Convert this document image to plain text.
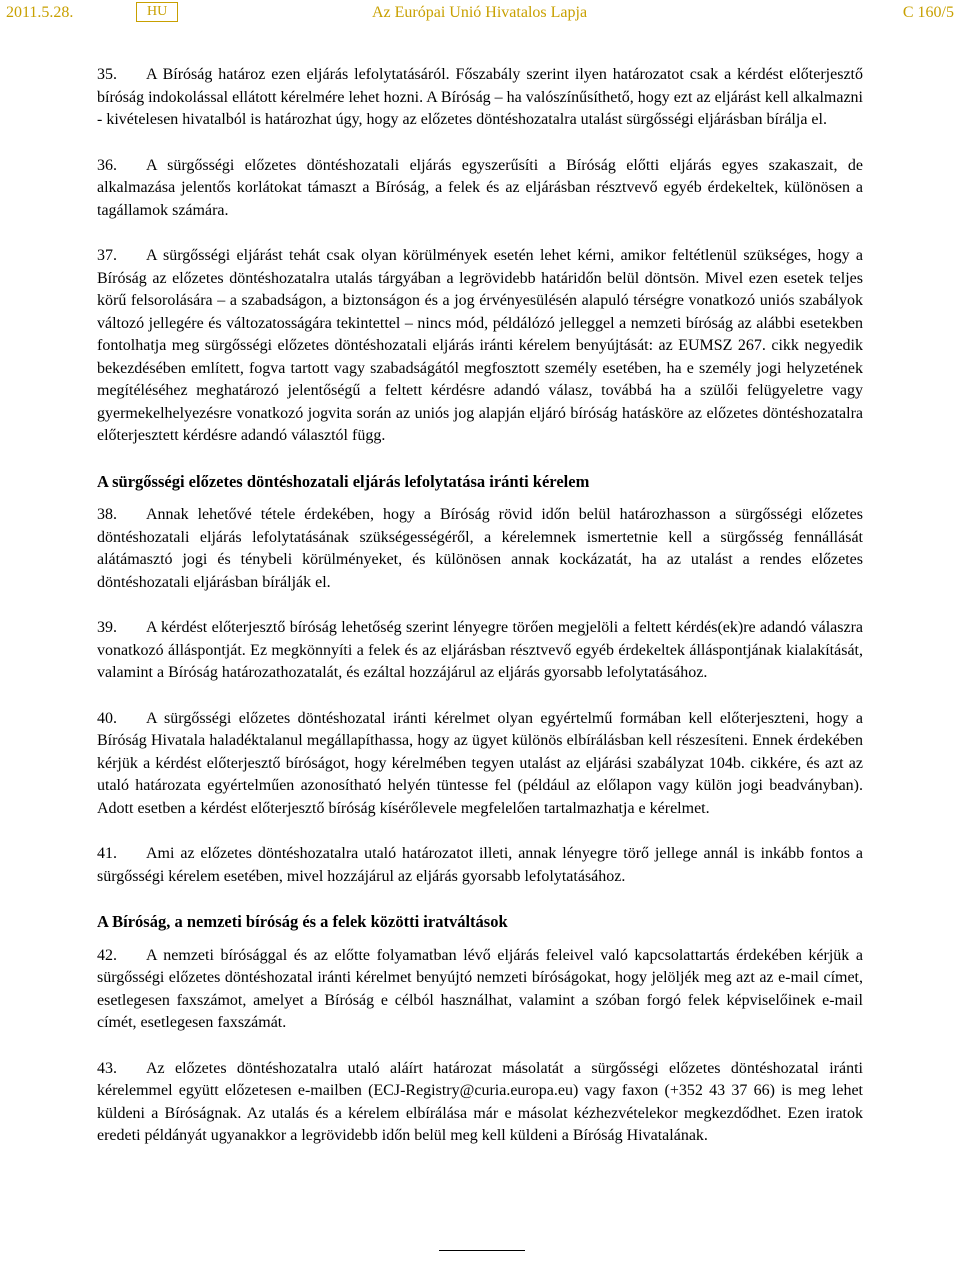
2011.5.28.	HU	Az Európai Unió Hivatalos Lapja	C 160/5

35. A Bíróság határoz ezen eljárás lefolytatásáról. Főszabály szerint ilyen határozatot csak a kérdést előterjesztő bíróság indokolással ellátott kérelmére lehet hozni. A Bíróság – ha valószínűsíthető, hogy ezt az eljárást kell alkalmazni - kivételesen hivatalból is határozhat úgy, hogy az előzetes döntéshozatalra utalást sürgősségi eljárásban bírálja el.

36. A sürgősségi előzetes döntéshozatali eljárás egyszerűsíti a Bíróság előtti eljárás egyes szakaszait, de alkalmazása jelentős korlátokat támaszt a Bíróság, a felek és az eljárásban résztvevő egyéb érdekeltek, különösen a tagállamok számára.

37. A sürgősségi eljárást tehát csak olyan körülmények esetén lehet kérni, amikor feltétlenül szükséges, hogy a Bíróság az előzetes döntéshozatalra utalás tárgyában a legrövidebb határidőn belül döntsön. Mivel ezen esetek teljes körű felsorolására – a szabadságon, a biztonságon és a jog érvényesülésén alapuló térségre vonatkozó uniós szabályok változó jellegére és változatosságára tekintettel – nincs mód, példálózó jelleggel a nemzeti bíróság az alábbi esetekben fontolhatja meg sürgősségi előzetes döntéshozatali eljárás iránti kérelem benyújtását: az EUMSZ 267. cikk negyedik bekezdésében említett, fogva tartott vagy szabadságától megfosztott személy esetében, ha e személy jogi helyzetének megítéléséhez meghatározó jelentőségű a feltett kérdésre adandó válasz, továbbá ha a szülői felügyeletre vagy gyermekelhelyezésre vonatkozó jogvita során az uniós jog alapján eljáró bíróság hatásköre az előzetes döntéshozatalra előterjesztett kérdésre adandó választól függ.

A sürgősségi előzetes döntéshozatali eljárás lefolytatása iránti kérelem

38. Annak lehetővé tétele érdekében, hogy a Bíróság rövid időn belül határozhasson a sürgősségi előzetes döntéshozatali eljárás lefolytatásának szükségességéről, a kérelemnek ismertetnie kell a sürgősség fennállását alátámasztó jogi és ténybeli körülményeket, és különösen annak kockázatát, ha az utalást a rendes előzetes döntéshozatali eljárásban bírálják el.

39. A kérdést előterjesztő bíróság lehetőség szerint lényegre törően megjelöli a feltett kérdés(ek)re adandó válaszra vonatkozó álláspontját. Ez megkönnyíti a felek és az eljárásban résztvevő egyéb érdekeltek álláspontjának kialakítását, valamint a Bíróság határozathozatalát, és ezáltal hozzájárul az eljárás gyorsabb lefolytatásához.

40. A sürgősségi előzetes döntéshozatal iránti kérelmet olyan egyértelmű formában kell előterjeszteni, hogy a Bíróság Hivatala haladéktalanul megállapíthassa, hogy az ügyet különös elbírálásban kell részesíteni. Ennek érdekében kérjük a kérdést előterjesztő bíróságot, hogy kérelmében tegyen utalást az eljárási szabályzat 104b. cikkére, és azt az utaló határozata egyértelműen azonosítható helyén tüntesse fel (például az előlapon vagy külön jogi beadványban). Adott esetben a kérdést előterjesztő bíróság kísérőlevele megfelelően tartalmazhatja e kérelmet.

41. Ami az előzetes döntéshozatalra utaló határozatot illeti, annak lényegre törő jellege annál is inkább fontos a sürgősségi kérelem esetében, mivel hozzájárul az eljárás gyorsabb lefolytatásához.

A Bíróság, a nemzeti bíróság és a felek közötti iratváltások

42. A nemzeti bírósággal és az előtte folyamatban lévő eljárás feleivel való kapcsolattartás érdekében kérjük a sürgősségi előzetes döntéshozatal iránti kérelmet benyújtó nemzeti bíróságokat, hogy jelöljék meg azt az e-mail címet, esetlegesen faxszámot, amelyet a Bíróság e célból használhat, valamint a szóban forgó felek képviselőinek e-mail címét, esetlegesen faxszámát.

43. Az előzetes döntéshozatalra utaló aláírt határozat másolatát a sürgősségi előzetes döntéshozatal iránti kérelemmel együtt előzetesen e-mailben (ECJ-Registry@curia.europa.eu) vagy faxon (+352 43 37 66) is meg lehet küldeni a Bíróságnak. Az utalás és a kérelem elbírálása már e másolat kézhezvételekor megkezdődhet. Ezen iratok eredeti példányát ugyanakkor a legrövidebb időn belül meg kell küldeni a Bíróság Hivatalának.
